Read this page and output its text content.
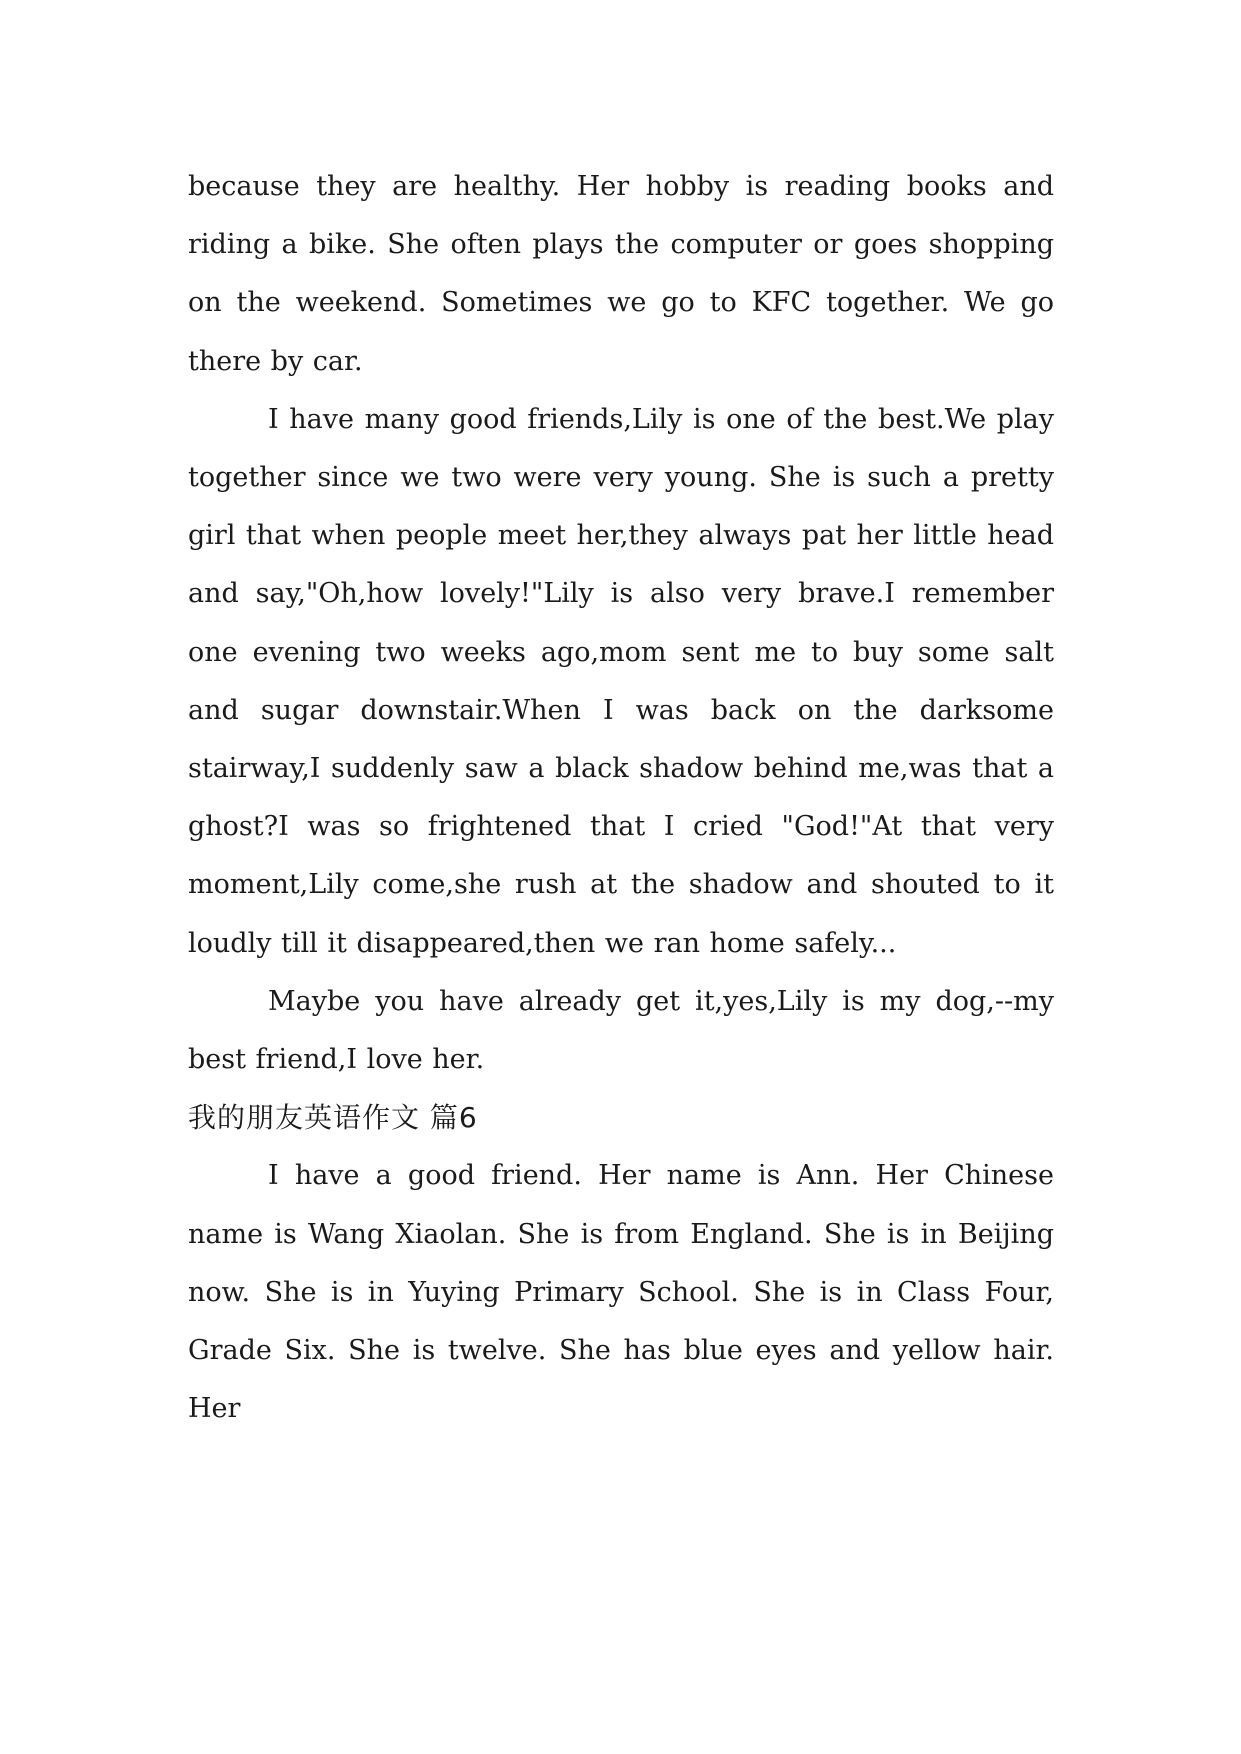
because they are healthy. Her hobby is reading books and riding a bike. She often plays the computer or goes shopping on the weekend. Sometimes we go to KFC together. We go there by car.

I have many good friends,Lily is one of the best.We play together since we two were very young. She is such a pretty girl that when people meet her,they always pat her little head and say,"Oh,how lovely!"Lily is also very brave.I remember one evening two weeks ago,mom sent me to buy some salt and sugar downstair.When I was back on the darksome stairway,I suddenly saw a black shadow behind me,was that a ghost?I was so frightened that I cried "God!"At that very moment,Lily come,she rush at the shadow and shouted to it loudly till it disappeared,then we ran home safely...

Maybe you have already get it,yes,Lily is my dog,--my best friend,I love her.

我的朋友英语作文 篇6

I have a good friend. Her name is Ann. Her Chinese name is Wang Xiaolan. She is from England. She is in Beijing now. She is in Yuying Primary School. She is in Class Four, Grade Six. She is twelve. She has blue eyes and yellow hair. Her
